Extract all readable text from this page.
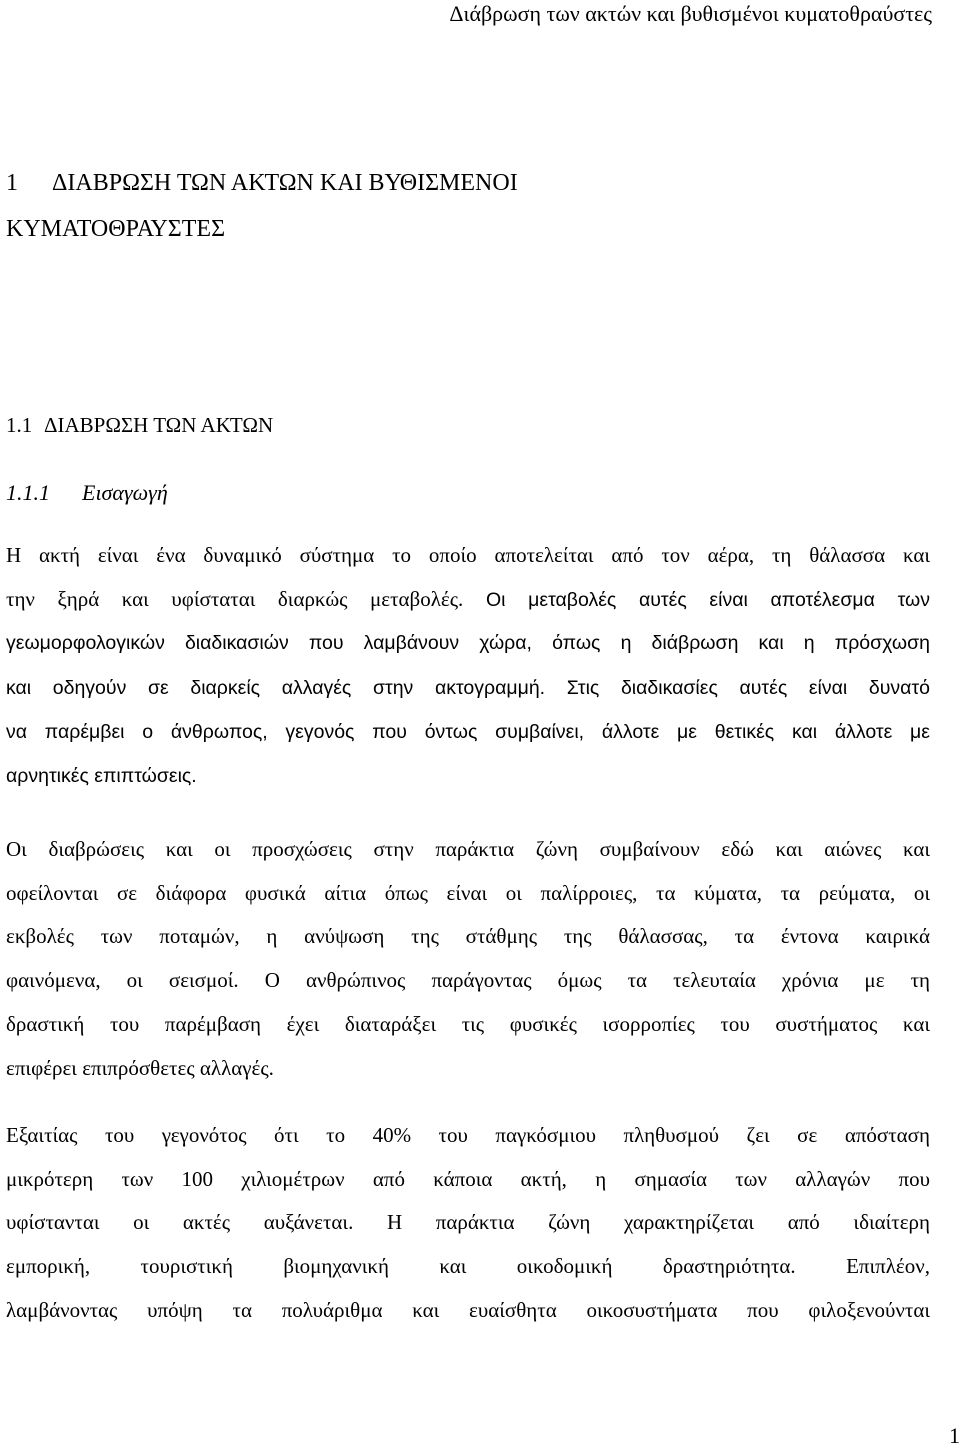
Διάβρωση των ακτών και βυθισμένοι κυματοθραύστες
1 ΔΙΑΒΡΩΣΗ ΤΩΝ ΑΚΤΩΝ ΚΑΙ ΒΥΘΙΣΜΕΝΟΙ
ΚΥΜΑΤΟΘΡΑΥΣΤΕΣ
1.1 ΔΙΑΒΡΩΣΗ ΤΩΝ ΑΚΤΩΝ
1.1.1 Εισαγωγή
Η ακτή είναι ένα δυναμικό σύστημα το οποίο αποτελείται από τον αέρα, τη θάλασσα και
την ξηρά και υφίσταται διαρκώς μεταβολές. Οι μεταβολές αυτές είναι αποτέλεσμα των
γεωμορφολογικών διαδικασιών που λαμβάνουν χώρα, όπως η διάβρωση και η πρόσχωση
και οδηγούν σε διαρκείς αλλαγές στην ακτογραμμή. Στις διαδικασίες αυτές είναι δυνατό
να παρέμβει ο άνθρωπος, γεγονός που όντως συμβαίνει, άλλοτε με θετικές και άλλοτε με
αρνητικές επιπτώσεις.
Οι διαβρώσεις και οι προσχώσεις στην παράκτια ζώνη συμβαίνουν εδώ και αιώνες και
οφείλονται σε διάφορα φυσικά αίτια όπως είναι οι παλίρροιες, τα κύματα, τα ρεύματα, οι
εκβολές των ποταμών, η ανύψωση της στάθμης της θάλασσας, τα έντονα καιρικά
φαινόμενα, οι σεισμοί. Ο ανθρώπινος παράγοντας όμως τα τελευταία χρόνια με τη
δραστική του παρέμβαση έχει διαταράξει τις φυσικές ισορροπίες του συστήματος και
επιφέρει επιπρόσθετες αλλαγές.
Εξαιτίας του γεγονότος ότι το 40% του παγκόσμιου πληθυσμού ζει σε απόσταση
μικρότερη των 100 χιλιομέτρων από κάποια ακτή, η σημασία των αλλαγών που
υφίστανται οι ακτές αυξάνεται. Η παράκτια ζώνη χαρακτηρίζεται από ιδιαίτερη
εμπορική, τουριστική βιομηχανική και οικοδομική δραστηριότητα. Επιπλέον,
λαμβάνοντας υπόψη τα πολυάριθμα και ευαίσθητα οικοσυστήματα που φιλοξενούνται
1
